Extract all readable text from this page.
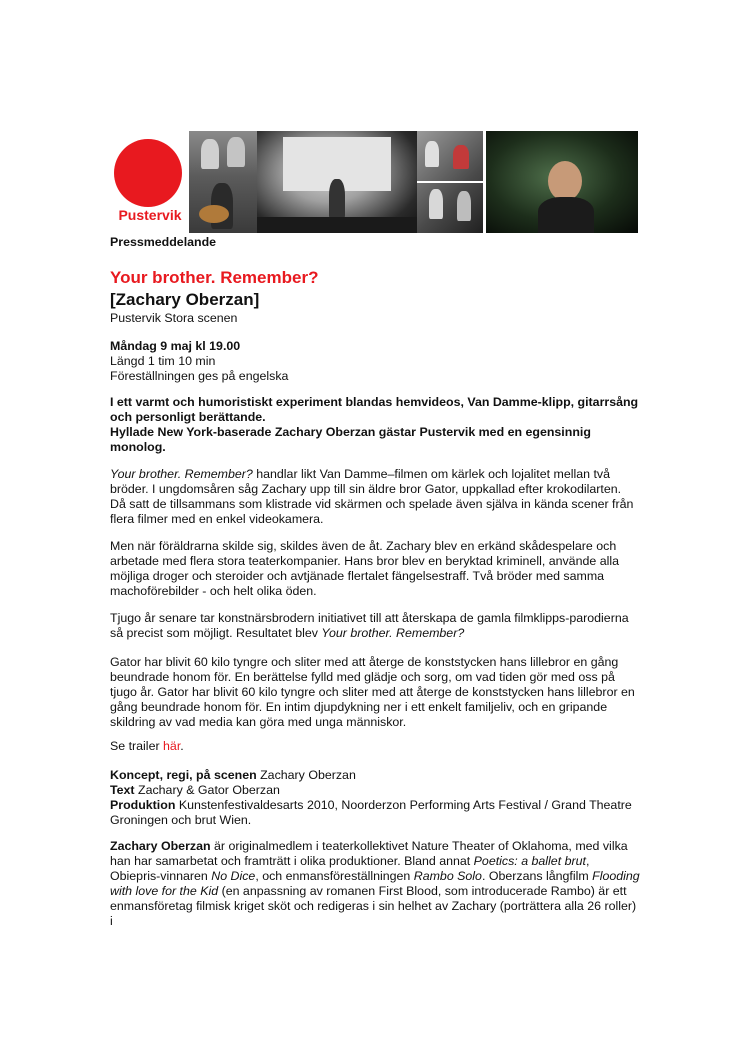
Pustervik
Pressmeddelande
Your brother. Remember?
[Zachary Oberzan]
Pustervik Stora scenen

Måndag 9 maj kl 19.00

Längd 1 tim 10 min

Föreställningen ges på engelska

I ett varmt och humoristiskt experiment blandas hemvideos, Van Damme-klipp, gitarrsång och personligt berättande.

Hyllade New York-baserade Zachary Oberzan gästar Pustervik med en egensinnig monolog.

Your brother. Remember? handlar likt Van Damme–filmen om kärlek och lojalitet mellan två bröder. I ungdomsåren såg Zachary upp till sin äldre bror Gator, uppkallad efter krokodilarten. Då satt de tillsammans som klistrade vid skärmen och spelade även själva in kända scener från flera filmer med en enkel videokamera.

Men när föräldrarna skilde sig, skildes även de åt. Zachary blev en erkänd skådespelare och arbetade med flera stora teaterkompanier. Hans bror blev en beryktad kriminell, använde alla möjliga droger och steroider och avtjänade flertalet fängelsestraff. Två bröder med samma machoförebilder - och helt olika öden.

Tjugo år senare tar konstnärsbrodern initiativet till att återskapa de gamla filmklipps-parodierna så precist som möjligt. Resultatet blev Your brother. Remember?

Gator har blivit 60 kilo tyngre och sliter med att återge de konststycken hans lillebror en gång beundrade honom för. En berättelse fylld med glädje och sorg, om vad tiden gör med oss på tjugo år. Gator har blivit 60 kilo tyngre och sliter med att återge de konststycken hans lillebror en gång beundrade honom för. En intim djupdykning ner i ett enkelt familjeliv, och en gripande skildring av vad media kan göra med unga människor.

Se trailer här.

Koncept, regi, på scenen Zachary Oberzan

Text Zachary & Gator Oberzan

Produktion Kunstenfestivaldesarts 2010, Noorderzon Performing Arts Festival / Grand Theatre Groningen och brut Wien.

Zachary Oberzan är originalmedlem i teaterkollektivet Nature Theater of Oklahoma, med vilka han har samarbetat och framträtt i olika produktioner. Bland annat Poetics: a ballet brut, Obiepris-vinnaren No Dice, och enmansföreställningen Rambo Solo. Oberzans långfilm Flooding with love for the Kid (en anpassning av romanen First Blood, som introducerade Rambo) är ett enmansföretag filmisk kriget sköt och redigeras i sin helhet av Zachary (porträttera alla 26 roller) i
